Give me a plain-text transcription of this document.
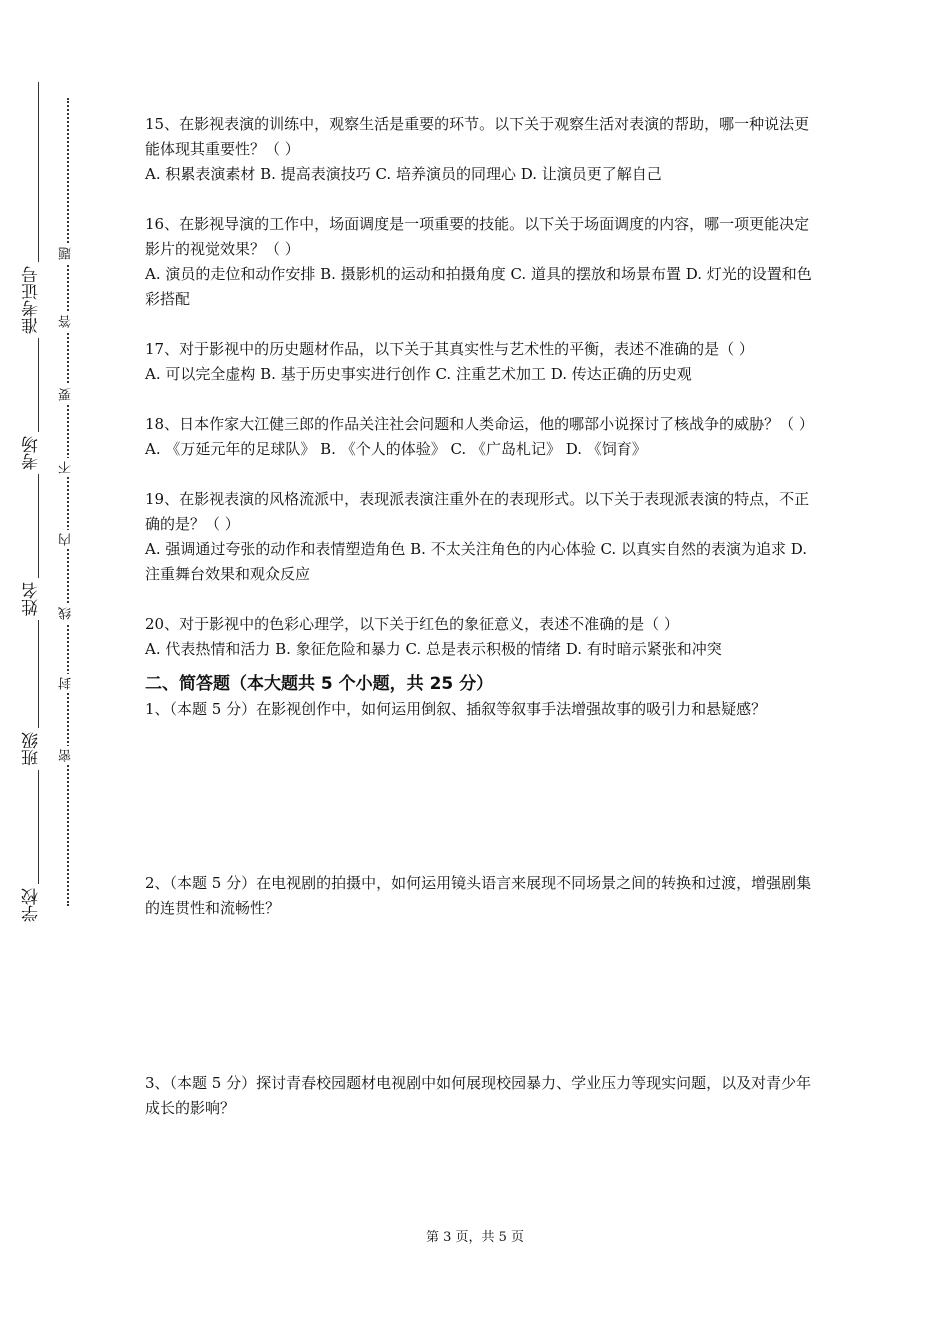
准考证号
考场
姓名
班级
学校
题
答
要
不
内
线
封
密

15、在影视表演的训练中，观察生活是重要的环节。以下关于观察生活对表演的帮助，哪一种说法更能体现其重要性？（ ）

A. 积累表演素材 B. 提高表演技巧 C. 培养演员的同理心 D. 让演员更了解自己

16、在影视导演的工作中，场面调度是一项重要的技能。以下关于场面调度的内容，哪一项更能决定影片的视觉效果？（ ）

A. 演员的走位和动作安排 B. 摄影机的运动和拍摄角度 C. 道具的摆放和场景布置 D. 灯光的设置和色彩搭配

17、对于影视中的历史题材作品，以下关于其真实性与艺术性的平衡，表述不准确的是（ ）

A. 可以完全虚构 B. 基于历史事实进行创作 C. 注重艺术加工 D. 传达正确的历史观

18、日本作家大江健三郎的作品关注社会问题和人类命运，他的哪部小说探讨了核战争的威胁？（ ）

A. 《万延元年的足球队》 B. 《个人的体验》 C. 《广岛札记》 D. 《饲育》

19、在影视表演的风格流派中，表现派表演注重外在的表现形式。以下关于表现派表演的特点，不正确的是？（ ）

A. 强调通过夸张的动作和表情塑造角色 B. 不太关注角色的内心体验 C. 以真实自然的表演为追求 D. 注重舞台效果和观众反应

20、对于影视中的色彩心理学，以下关于红色的象征意义，表述不准确的是（ ）

A. 代表热情和活力 B. 象征危险和暴力 C. 总是表示积极的情绪 D. 有时暗示紧张和冲突

二、简答题（本大题共 5 个小题，共 25 分）

1、（本题 5 分）在影视创作中，如何运用倒叙、插叙等叙事手法增强故事的吸引力和悬疑感？

2、（本题 5 分）在电视剧的拍摄中，如何运用镜头语言来展现不同场景之间的转换和过渡，增强剧集的连贯性和流畅性？

3、（本题 5 分）探讨青春校园题材电视剧中如何展现校园暴力、学业压力等现实问题，以及对青少年成长的影响？

第 3 页，共 5 页
